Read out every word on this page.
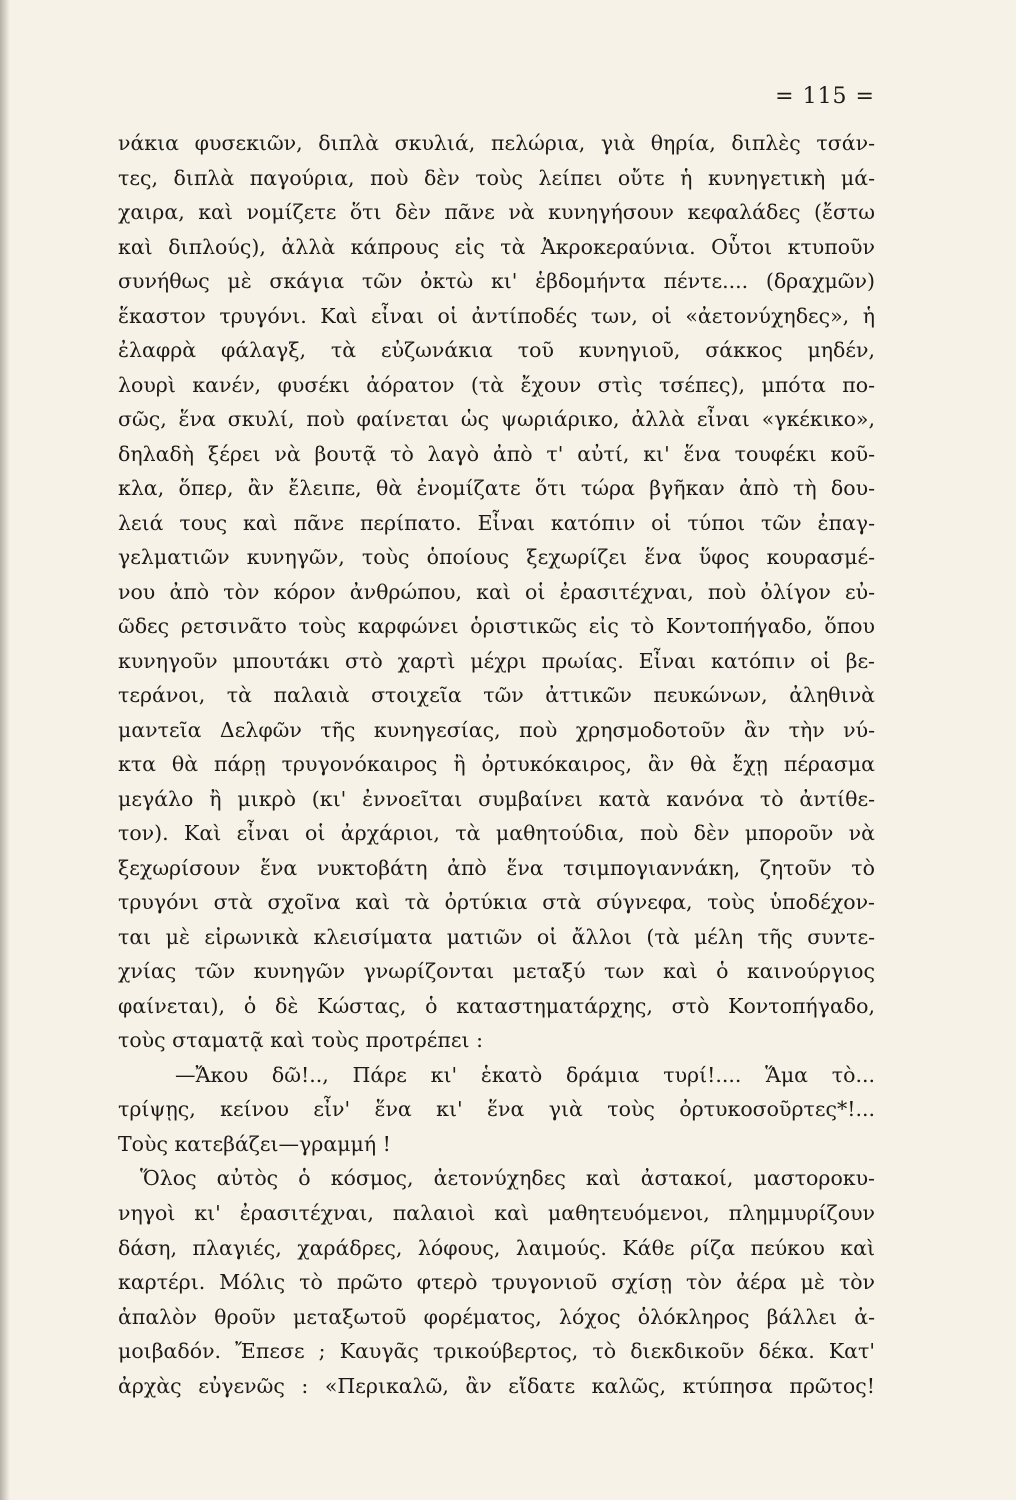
= 115 =
νάκια φυσεκιῶν, διπλὰ σκυλιά, πελώρια, γιὰ θηρία, διπλὲς τσάν-
τες, διπλὰ παγούρια, ποὺ δὲν τοὺς λείπει οὔτε ἡ κυνηγετικὴ μά-
χαιρα, καὶ νομίζετε ὅτι δὲν πᾶνε νὰ κυνηγήσουν κεφαλάδες (ἔστω
καὶ διπλούς), ἀλλὰ κάπρους εἰς τὰ Ἀκροκεραύνια. Οὗτοι κτυποῦν
συνήθως μὲ σκάγια τῶν ὀκτὼ κι' ἑβδομήντα πέντε.... (δραχμῶν)
ἕκαστον τρυγόνι. Καὶ εἶναι οἱ ἀντίποδές των, οἱ «ἀετονύχηδες», ἡ
ἐλαφρὰ φάλαγξ, τὰ εὐζωνάκια τοῦ κυνηγιοῦ, σάκκος μηδέν,
λουρὶ κανέν, φυσέκι ἀόρατον (τὰ ἔχουν στὶς τσέπες), μπότα πο-
σῶς, ἕνα σκυλί, ποὺ φαίνεται ὡς ψωριάρικο, ἀλλὰ εἶναι «γκέκικο»,
δηλαδὴ ξέρει νὰ βουτᾷ τὸ λαγὸ ἀπὸ τ' αὐτί, κι' ἕνα τουφέκι κοῦ-
κλα, ὅπερ, ἂν ἔλειπε, θὰ ἐνομίζατε ὅτι τώρα βγῆκαν ἀπὸ τὴ δου-
λειά τους καὶ πᾶνε περίπατο. Εἶναι κατόπιν οἱ τύποι τῶν ἐπαγ-
γελματιῶν κυνηγῶν, τοὺς ὁποίους ξεχωρίζει ἕνα ὕφος κουρασμέ-
νου ἀπὸ τὸν κόρον ἀνθρώπου, καὶ οἱ ἐρασιτέχναι, ποὺ ὀλίγον εὐ-
ῶδες ρετσινᾶτο τοὺς καρφώνει ὁριστικῶς εἰς τὸ Κοντοπήγαδο, ὅπου
κυνηγοῦν μπουτάκι στὸ χαρτὶ μέχρι πρωίας. Εἶναι κατόπιν οἱ βε-
τεράνοι, τὰ παλαιὰ στοιχεῖα τῶν ἀττικῶν πευκώνων, ἀληθινὰ
μαντεῖα Δελφῶν τῆς κυνηγεσίας, ποὺ χρησμοδοτοῦν ἂν τὴν νύ-
κτα θὰ πάρῃ τρυγονόκαιρος ἢ ὀρτυκόκαιρος, ἂν θὰ ἔχῃ πέρασμα
μεγάλο ἢ μικρὸ (κι' ἐννοεῖται συμβαίνει κατὰ κανόνα τὸ ἀντίθε-
τον). Καὶ εἶναι οἱ ἀρχάριοι, τὰ μαθητούδια, ποὺ δὲν μποροῦν νὰ
ξεχωρίσουν ἕνα νυκτοβάτη ἀπὸ ἕνα τσιμπογιαννάκη, ζητοῦν τὸ
τρυγόνι στὰ σχοῖνα καὶ τὰ ὀρτύκια στὰ σύγνεφα, τοὺς ὑποδέχον-
ται μὲ εἰρωνικὰ κλεισίματα ματιῶν οἱ ἄλλοι (τὰ μέλη τῆς συντε-
χνίας τῶν κυνηγῶν γνωρίζονται μεταξύ των καὶ ὁ καινούργιος
φαίνεται), ὁ δὲ Κώστας, ὁ καταστηματάρχης, στὸ Κοντοπήγαδο,
τοὺς σταματᾷ καὶ τοὺς προτρέπει :
—Ἄκου δῶ!.., Πάρε κι' ἑκατὸ δράμια τυρί!.... Ἅμα τὸ...
τρίψῃς, κείνου εἶν' ἕνα κι' ἕνα γιὰ τοὺς ὀρτυκοσοῦρτες*!...
Τοὺς κατεβάζει—γραμμή !
Ὅλος αὐτὸς ὁ κόσμος, ἀετονύχηδες καὶ ἀστακοί, μαστοροκυ-
νηγοὶ κι' ἐρασιτέχναι, παλαιοὶ καὶ μαθητευόμενοι, πλημμυρίζουν
δάση, πλαγιές, χαράδρες, λόφους, λαιμούς. Κάθε ρίζα πεύκου καὶ
καρτέρι. Μόλις τὸ πρῶτο φτερὸ τρυγονιοῦ σχίσῃ τὸν ἀέρα μὲ τὸν
ἁπαλὸν θροῦν μεταξωτοῦ φορέματος, λόχος ὁλόκληρος βάλλει ἀ-
μοιβαδόν. Ἔπεσε ; Καυγᾶς τρικούβερτος, τὸ διεκδικοῦν δέκα. Κατ'
ἀρχὰς εὐγενῶς : «Περικαλῶ, ἂν εἴδατε καλῶς, κτύπησα πρῶτος!
